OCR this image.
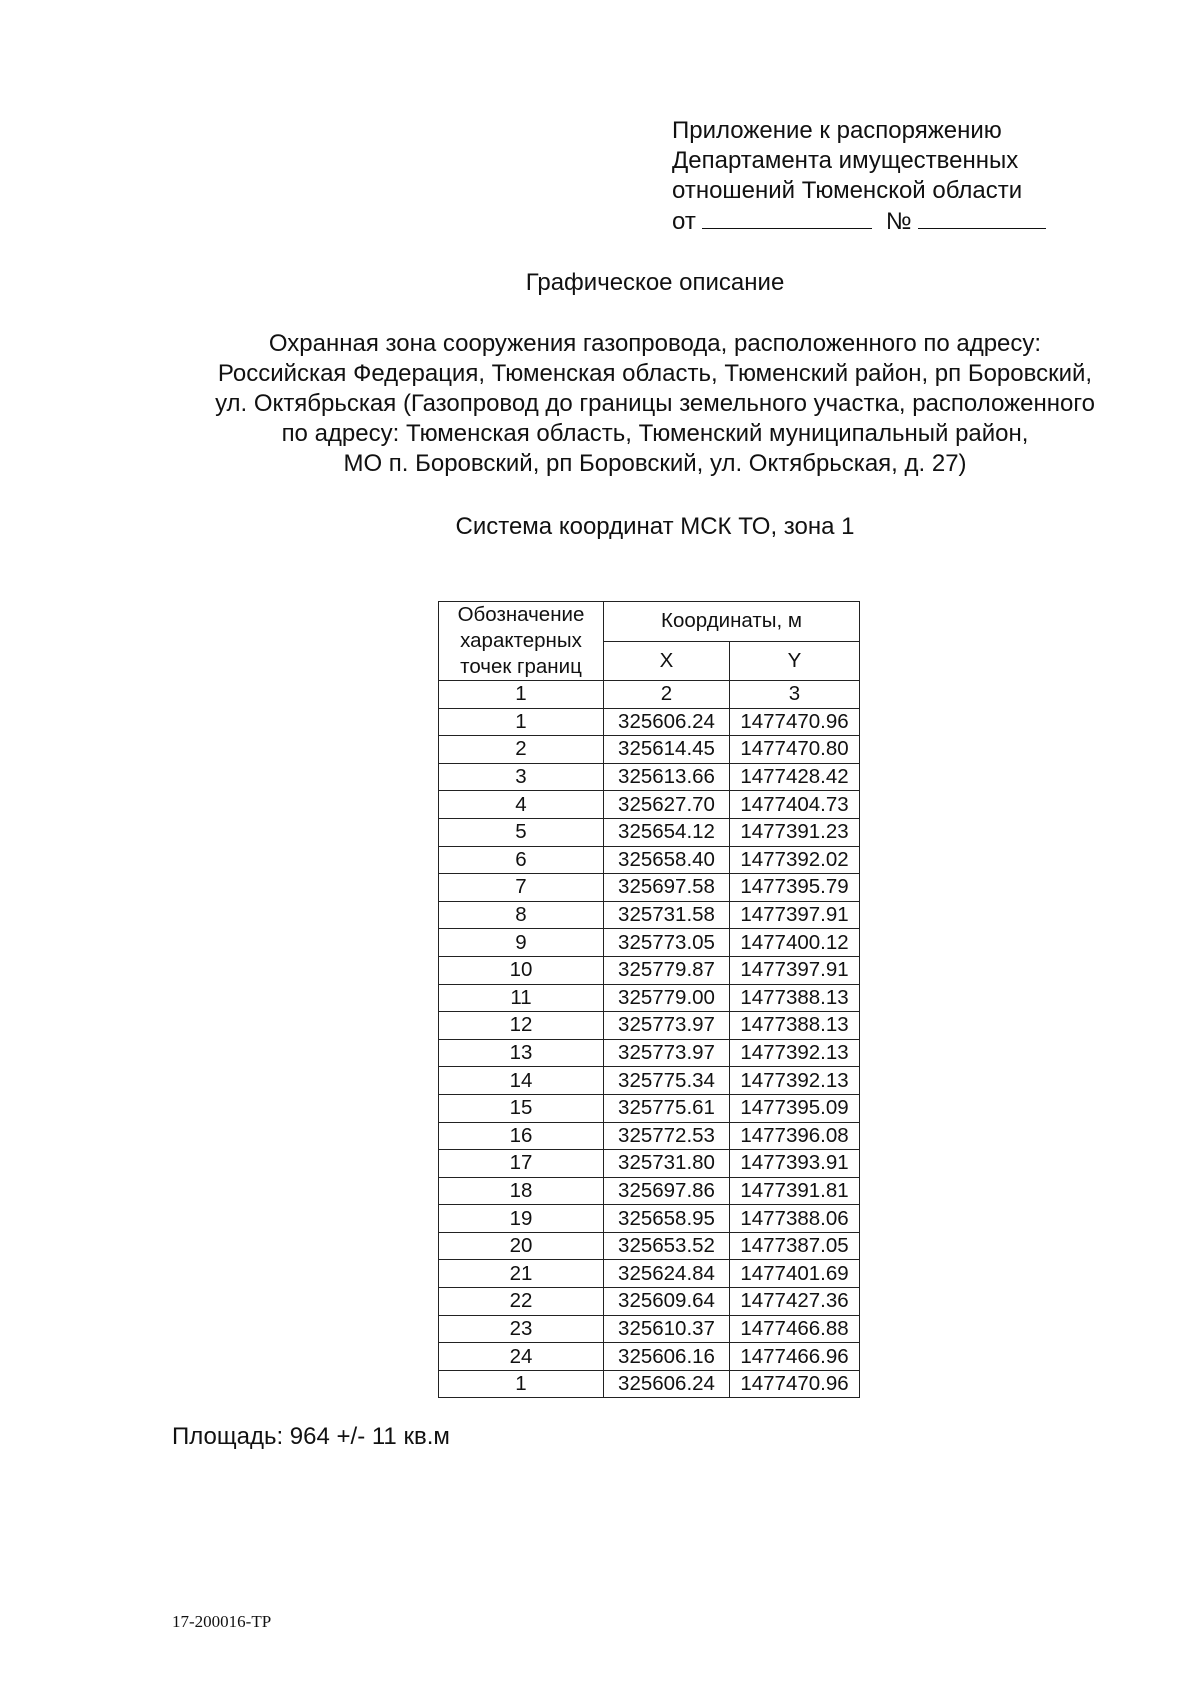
Приложение к распоряжению
Департамента имущественных
отношений Тюменской области
от	№
Графическое описание
Охранная зона сооружения газопровода, расположенного по адресу:
Российская Федерация, Тюменская область, Тюменский район, рп Боровский,
ул. Октябрьская (Газопровод до границы земельного участка, расположенного
по адресу: Тюменская область, Тюменский муниципальный район,
МО п. Боровский, рп Боровский, ул. Октябрьская, д. 27)
Система координат МСК ТО, зона 1
Обозначение характерных точек границ	Координаты, м	
	X	Y
1	2	3
1	325606.24	1477470.96
2	325614.45	1477470.80
3	325613.66	1477428.42
4	325627.70	1477404.73
5	325654.12	1477391.23
6	325658.40	1477392.02
7	325697.58	1477395.79
8	325731.58	1477397.91
9	325773.05	1477400.12
10	325779.87	1477397.91
11	325779.00	1477388.13
12	325773.97	1477388.13
13	325773.97	1477392.13
14	325775.34	1477392.13
15	325775.61	1477395.09
16	325772.53	1477396.08
17	325731.80	1477393.91
18	325697.86	1477391.81
19	325658.95	1477388.06
20	325653.52	1477387.05
21	325624.84	1477401.69
22	325609.64	1477427.36
23	325610.37	1477466.88
24	325606.16	1477466.96
1	325606.24	1477470.96
Площадь: 964 +/- 11 кв.м
17-200016-ТР
